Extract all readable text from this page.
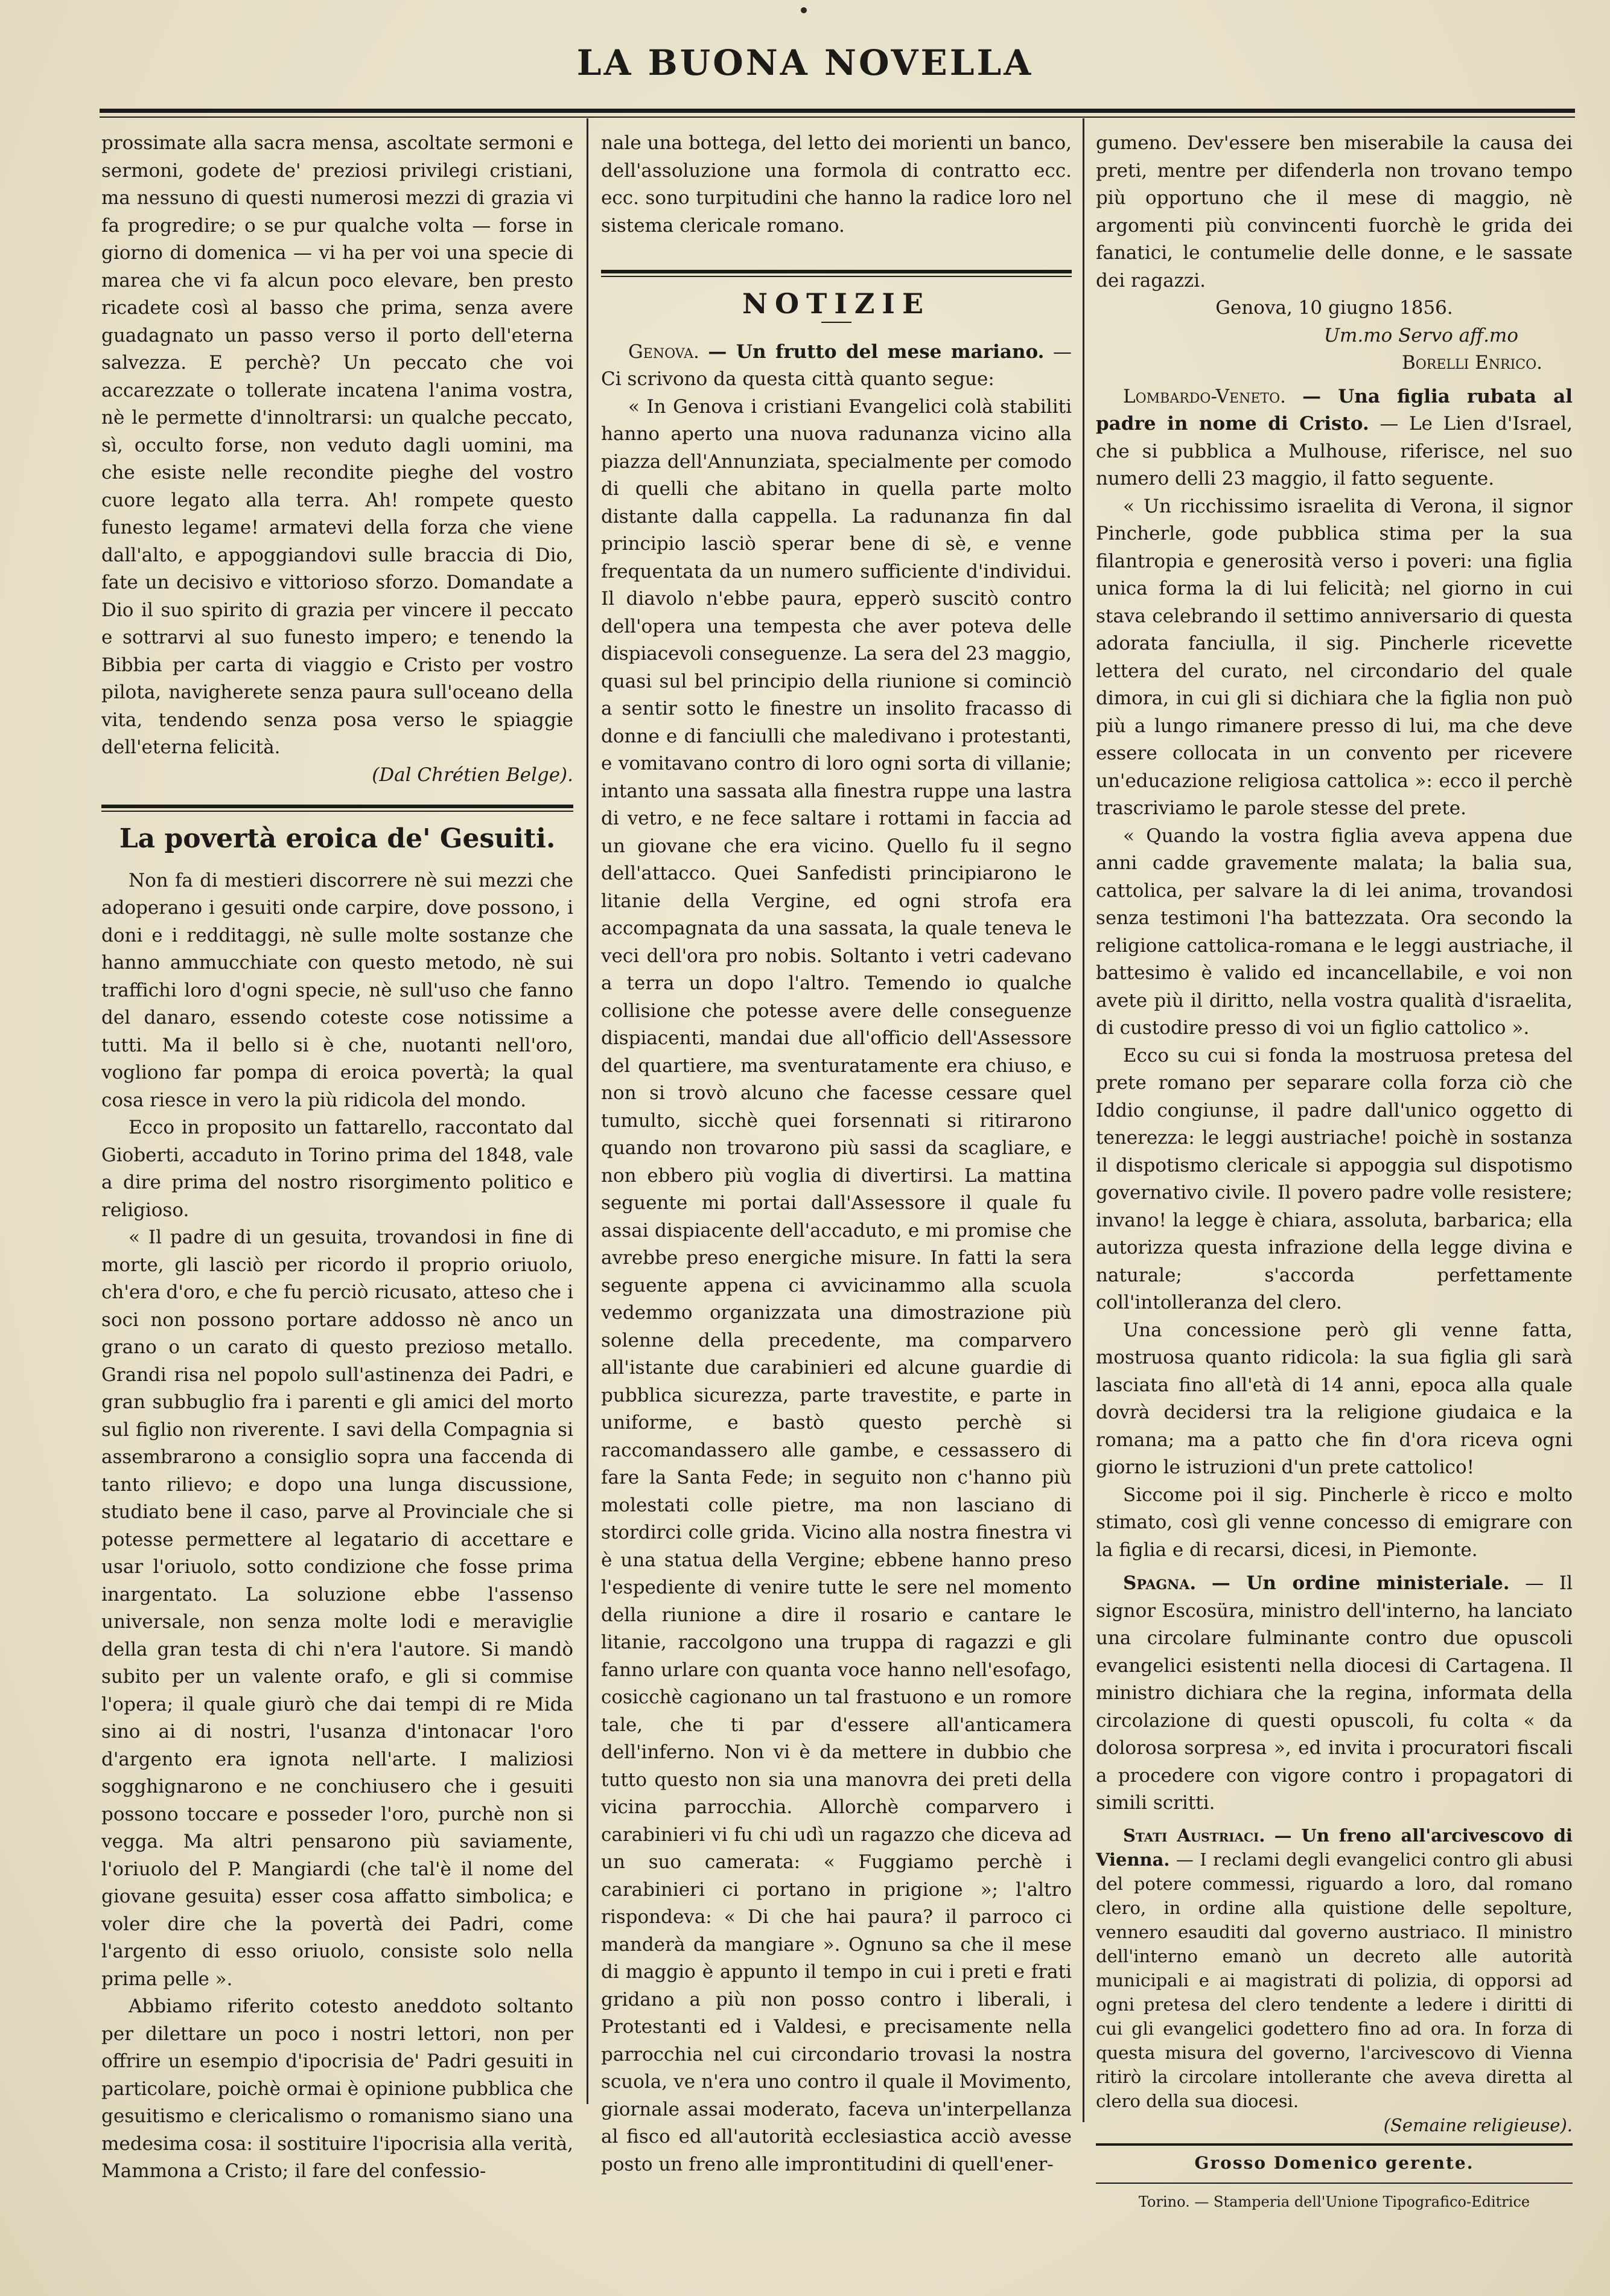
LA BUONA NOVELLA

prossimate alla sacra mensa, ascoltate sermoni e sermoni, godete de' preziosi privilegi cristiani, ma nessuno di questi numerosi mezzi di grazia vi fa progredire; o se pur qualche volta — forse in giorno di domenica — vi ha per voi una specie di marea che vi fa alcun poco elevare, ben presto ricadete così al basso che prima, senza avere guadagnato un passo verso il porto dell'eterna salvezza. E perchè? Un peccato che voi accarezzate o tollerate incatena l'anima vostra, nè le permette d'innoltrarsi: un qualche peccato, sì, occulto forse, non veduto dagli uomini, ma che esiste nelle recondite pieghe del vostro cuore legato alla terra. Ah! rompete questo funesto legame! armatevi della forza che viene dall'alto, e appoggiandovi sulle braccia di Dio, fate un decisivo e vittorioso sforzo. Domandate a Dio il suo spirito di grazia per vincere il peccato e sottrarvi al suo funesto impero; e tenendo la Bibbia per carta di viaggio e Cristo per vostro pilota, navigherete senza paura sull'oceano della vita, tendendo senza posa verso le spiaggie dell'eterna felicità.

(Dal Chrétien Belge).

La povertà eroica de' Gesuiti.

Non fa di mestieri discorrere nè sui mezzi che adoperano i gesuiti onde carpire, dove possono, i doni e i redditaggi, nè sulle molte sostanze che hanno ammucchiate con questo metodo, nè sui traffichi loro d'ogni specie, nè sull'uso che fanno del danaro, essendo coteste cose notissime a tutti. Ma il bello si è che, nuotanti nell'oro, vogliono far pompa di eroica povertà; la qual cosa riesce in vero la più ridicola del mondo.

Ecco in proposito un fattarello, raccontato dal Gioberti, accaduto in Torino prima del 1848, vale a dire prima del nostro risorgimento politico e religioso.

« Il padre di un gesuita, trovandosi in fine di morte, gli lasciò per ricordo il proprio oriuolo, ch'era d'oro, e che fu perciò ricusato, atteso che i soci non possono portare addosso nè anco un grano o un carato di questo prezioso metallo. Grandi risa nel popolo sull'astinenza dei Padri, e gran subbuglio fra i parenti e gli amici del morto sul figlio non riverente. I savi della Compagnia si assembrarono a consiglio sopra una faccenda di tanto rilievo; e dopo una lunga discussione, studiato bene il caso, parve al Provinciale che si potesse permettere al legatario di accettare e usar l'oriuolo, sotto condizione che fosse prima inargentato. La soluzione ebbe l'assenso universale, non senza molte lodi e meraviglie della gran testa di chi n'era l'autore. Si mandò subito per un valente orafo, e gli si commise l'opera; il quale giurò che dai tempi di re Mida sino ai di nostri, l'usanza d'intonacar l'oro d'argento era ignota nell'arte. I maliziosi sogghignarono e ne conchiusero che i gesuiti possono toccare e posseder l'oro, purchè non si vegga. Ma altri pensarono più saviamente, l'oriuolo del P. Mangiardi (che tal'è il nome del giovane gesuita) esser cosa affatto simbolica; e voler dire che la povertà dei Padri, come l'argento di esso oriuolo, consiste solo nella prima pelle ».

Abbiamo riferito cotesto aneddoto soltanto per dilettare un poco i nostri lettori, non per offrire un esempio d'ipocrisia de' Padri gesuiti in particolare, poichè ormai è opinione pubblica che gesuitismo e clericalismo o romanismo siano una medesima cosa: il sostituire l'ipocrisia alla verità, Mammona a Cristo; il fare del confessio-

nale una bottega, del letto dei morienti un banco, dell'assoluzione una formola di contratto ecc. ecc. sono turpitudini che hanno la radice loro nel sistema clericale romano.

NOTIZIE

Genova. — Un frutto del mese mariano. — Ci scrivono da questa città quanto segue:

« In Genova i cristiani Evangelici colà stabiliti hanno aperto una nuova radunanza vicino alla piazza dell'Annunziata, specialmente per comodo di quelli che abitano in quella parte molto distante dalla cappella. La radunanza fin dal principio lasciò sperar bene di sè, e venne frequentata da un numero sufficiente d'individui. Il diavolo n'ebbe paura, epperò suscitò contro dell'opera una tempesta che aver poteva delle dispiacevoli conseguenze. La sera del 23 maggio, quasi sul bel principio della riunione si cominciò a sentir sotto le finestre un insolito fracasso di donne e di fanciulli che maledivano i protestanti, e vomitavano contro di loro ogni sorta di villanie; intanto una sassata alla finestra ruppe una lastra di vetro, e ne fece saltare i rottami in faccia ad un giovane che era vicino. Quello fu il segno dell'attacco. Quei Sanfedisti principiarono le litanie della Vergine, ed ogni strofa era accompagnata da una sassata, la quale teneva le veci dell'ora pro nobis. Soltanto i vetri cadevano a terra un dopo l'altro. Temendo io qualche collisione che potesse avere delle conseguenze dispiacenti, mandai due all'officio dell'Assessore del quartiere, ma sventuratamente era chiuso, e non si trovò alcuno che facesse cessare quel tumulto, sicchè quei forsennati si ritirarono quando non trovarono più sassi da scagliare, e non ebbero più voglia di divertirsi. La mattina seguente mi portai dall'Assessore il quale fu assai dispiacente dell'accaduto, e mi promise che avrebbe preso energiche misure. In fatti la sera seguente appena ci avvicinammo alla scuola vedemmo organizzata una dimostrazione più solenne della precedente, ma comparvero all'istante due carabinieri ed alcune guardie di pubblica sicurezza, parte travestite, e parte in uniforme, e bastò questo perchè si raccomandassero alle gambe, e cessassero di fare la Santa Fede; in seguito non c'hanno più molestati colle pietre, ma non lasciano di stordirci colle grida. Vicino alla nostra finestra vi è una statua della Vergine; ebbene hanno preso l'espediente di venire tutte le sere nel momento della riunione a dire il rosario e cantare le litanie, raccolgono una truppa di ragazzi e gli fanno urlare con quanta voce hanno nell'esofago, cosicchè cagionano un tal frastuono e un romore tale, che ti par d'essere all'anticamera dell'inferno. Non vi è da mettere in dubbio che tutto questo non sia una manovra dei preti della vicina parrocchia. Allorchè comparvero i carabinieri vi fu chi udì un ragazzo che diceva ad un suo camerata: « Fuggiamo perchè i carabinieri ci portano in prigione »; l'altro rispondeva: « Di che hai paura? il parroco ci manderà da mangiare ». Ognuno sa che il mese di maggio è appunto il tempo in cui i preti e frati gridano a più non posso contro i liberali, i Protestanti ed i Valdesi, e precisamente nella parrocchia nel cui circondario trovasi la nostra scuola, ve n'era uno contro il quale il Movimento, giornale assai moderato, faceva un'interpellanza al fisco ed all'autorità ecclesiastica acciò avesse posto un freno alle improntitudini di quell'ener-

gumeno. Dev'essere ben miserabile la causa dei preti, mentre per difenderla non trovano tempo più opportuno che il mese di maggio, nè argomenti più convincenti fuorchè le grida dei fanatici, le contumelie delle donne, e le sassate dei ragazzi.

Genova, 10 giugno 1856.

Um.mo Servo aff.mo

Borelli Enrico.

Lombardo-Veneto. — Una figlia rubata al padre in nome di Cristo. — Le Lien d'Israel, che si pubblica a Mulhouse, riferisce, nel suo numero delli 23 maggio, il fatto seguente.

« Un ricchissimo israelita di Verona, il signor Pincherle, gode pubblica stima per la sua filantropia e generosità verso i poveri: una figlia unica forma la di lui felicità; nel giorno in cui stava celebrando il settimo anniversario di questa adorata fanciulla, il sig. Pincherle ricevette lettera del curato, nel circondario del quale dimora, in cui gli si dichiara che la figlia non può più a lungo rimanere presso di lui, ma che deve essere collocata in un convento per ricevere un'educazione religiosa cattolica »: ecco il perchè trascriviamo le parole stesse del prete.

« Quando la vostra figlia aveva appena due anni cadde gravemente malata; la balia sua, cattolica, per salvare la di lei anima, trovandosi senza testimoni l'ha battezzata. Ora secondo la religione cattolica-romana e le leggi austriache, il battesimo è valido ed incancellabile, e voi non avete più il diritto, nella vostra qualità d'israelita, di custodire presso di voi un figlio cattolico ».

Ecco su cui si fonda la mostruosa pretesa del prete romano per separare colla forza ciò che Iddio congiunse, il padre dall'unico oggetto di tenerezza: le leggi austriache! poichè in sostanza il dispotismo clericale si appoggia sul dispotismo governativo civile. Il povero padre volle resistere; invano! la legge è chiara, assoluta, barbarica; ella autorizza questa infrazione della legge divina e naturale; s'accorda perfettamente coll'intolleranza del clero.

Una concessione però gli venne fatta, mostruosa quanto ridicola: la sua figlia gli sarà lasciata fino all'età di 14 anni, epoca alla quale dovrà decidersi tra la religione giudaica e la romana; ma a patto che fin d'ora riceva ogni giorno le istruzioni d'un prete cattolico!

Siccome poi il sig. Pincherle è ricco e molto stimato, così gli venne concesso di emigrare con la figlia e di recarsi, dicesi, in Piemonte.

Spagna. — Un ordine ministeriale. — Il signor Escosüra, ministro dell'interno, ha lanciato una circolare fulminante contro due opuscoli evangelici esistenti nella diocesi di Cartagena. Il ministro dichiara che la regina, informata della circolazione di questi opuscoli, fu colta « da dolorosa sorpresa », ed invita i procuratori fiscali a procedere con vigore contro i propagatori di simili scritti.

Stati Austriaci. — Un freno all'arcivescovo di Vienna. — I reclami degli evangelici contro gli abusi del potere commessi, riguardo a loro, dal romano clero, in ordine alla quistione delle sepolture, vennero esauditi dal governo austriaco. Il ministro dell'interno emanò un decreto alle autorità municipali e ai magistrati di polizia, di opporsi ad ogni pretesa del clero tendente a ledere i diritti di cui gli evangelici godettero fino ad ora. In forza di questa misura del governo, l'arcivescovo di Vienna ritirò la circolare intollerante che aveva diretta al clero della sua diocesi.

(Semaine religieuse).

Grosso Domenico gerente.
Torino. — Stamperia dell'Unione Tipografico-Editrice
